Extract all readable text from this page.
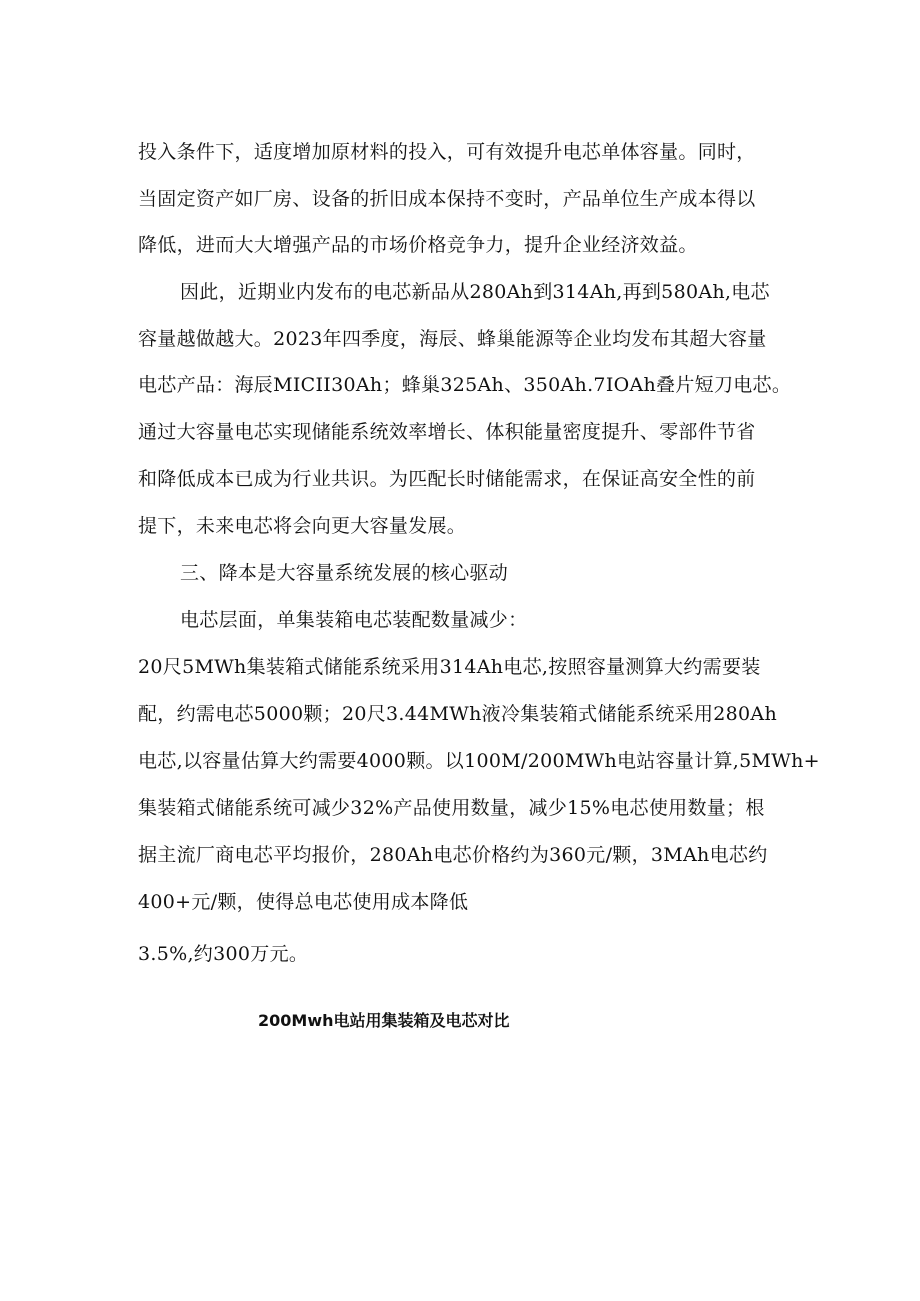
投入条件下，适度增加原材料的投入，可有效提升电芯单体容量。同时，
当固定资产如厂房、设备的折旧成本保持不变时，产品单位生产成本得以
降低，进而大大增强产品的市场价格竞争力，提升企业经济效益。
因此，近期业内发布的电芯新品从280Ah到314Ah,再到580Ah,电芯
容量越做越大。2023年四季度，海辰、蜂巢能源等企业均发布其超大容量
电芯产品：海辰MICII30Ah；蜂巢325Ah、350Ah.7IOAh叠片短刀电芯。
通过大容量电芯实现储能系统效率增长、体积能量密度提升、零部件节省
和降低成本已成为行业共识。为匹配长时储能需求，在保证高安全性的前
提下，未来电芯将会向更大容量发展。
三、降本是大容量系统发展的核心驱动
电芯层面，单集装箱电芯装配数量减少：
20尺5MWh集装箱式储能系统采用314Ah电芯,按照容量测算大约需要装
配，约需电芯5000颗；20尺3.44MWh液冷集装箱式储能系统采用280Ah
电芯,以容量估算大约需要4000颗。以100M/200MWh电站容量计算,5MWh+
集装箱式储能系统可减少32%产品使用数量，减少15%电芯使用数量；根
据主流厂商电芯平均报价，280Ah电芯价格约为360元/颗，3MAh电芯约
400+元/颗，使得总电芯使用成本降低
3.5%,约300万元。
200Mwh电站用集装箱及电芯对比
